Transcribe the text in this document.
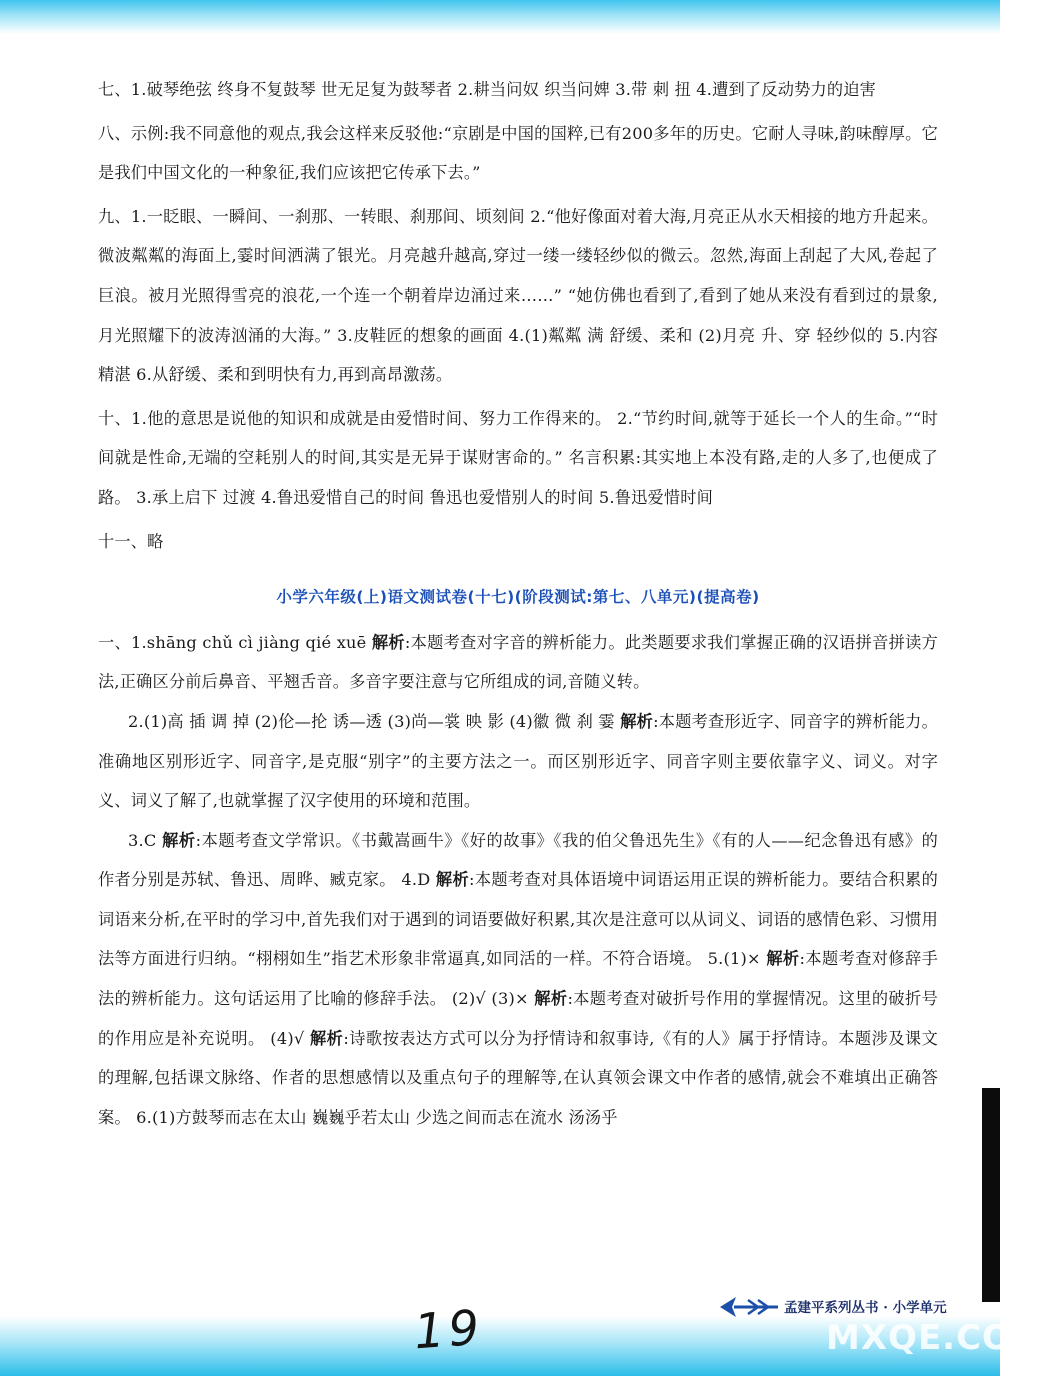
七、1.破琴绝弦 终身不复鼓琴 世无足复为鼓琴者 2.耕当问奴 织当问婢 3.带 刺 扭 4.遭到了反动势力的迫害

八、示例:我不同意他的观点,我会这样来反驳他:“京剧是中国的国粹,已有200多年的历史。它耐人寻味,韵味醇厚。它是我们中国文化的一种象征,我们应该把它传承下去。”

九、1.一眨眼、一瞬间、一刹那、一转眼、刹那间、顷刻间 2.“他好像面对着大海,月亮正从水天相接的地方升起来。微波粼粼的海面上,霎时间洒满了银光。月亮越升越高,穿过一缕一缕轻纱似的微云。忽然,海面上刮起了大风,卷起了巨浪。被月光照得雪亮的浪花,一个连一个朝着岸边涌过来……” “她仿佛也看到了,看到了她从来没有看到过的景象,月光照耀下的波涛汹涌的大海。” 3.皮鞋匠的想象的画面 4.(1)粼粼 满 舒缓、柔和 (2)月亮 升、穿 轻纱似的 5.内容 精湛 6.从舒缓、柔和到明快有力,再到高昂激荡。

十、1.他的意思是说他的知识和成就是由爱惜时间、努力工作得来的。 2.“节约时间,就等于延长一个人的生命。”“时间就是性命,无端的空耗别人的时间,其实是无异于谋财害命的。” 名言积累:其实地上本没有路,走的人多了,也便成了路。 3.承上启下 过渡 4.鲁迅爱惜自己的时间 鲁迅也爱惜别人的时间 5.鲁迅爱惜时间

十一、略

小学六年级(上)语文测试卷(十七)(阶段测试:第七、八单元)(提高卷)

一、1.shāng chǔ cì jiàng qié xuē 解析:本题考查对字音的辨析能力。此类题要求我们掌握正确的汉语拼音拼读方法,正确区分前后鼻音、平翘舌音。多音字要注意与它所组成的词,音随义转。

2.(1)高 插 调 掉 (2)伦—抡 诱—透 (3)尚—裳 映 影 (4)徽 微 刹 霎 解析:本题考查形近字、同音字的辨析能力。准确地区别形近字、同音字,是克服“别字”的主要方法之一。而区别形近字、同音字则主要依靠字义、词义。对字义、词义了解了,也就掌握了汉字使用的环境和范围。

3.C 解析:本题考查文学常识。《书戴嵩画牛》《好的故事》《我的伯父鲁迅先生》《有的人——纪念鲁迅有感》的作者分别是苏轼、鲁迅、周晔、臧克家。 4.D 解析:本题考查对具体语境中词语运用正误的辨析能力。要结合积累的词语来分析,在平时的学习中,首先我们对于遇到的词语要做好积累,其次是注意可以从词义、词语的感情色彩、习惯用法等方面进行归纳。“栩栩如生”指艺术形象非常逼真,如同活的一样。不符合语境。 5.(1)× 解析:本题考查对修辞手法的辨析能力。这句话运用了比喻的修辞手法。 (2)√ (3)× 解析:本题考查对破折号作用的掌握情况。这里的破折号的作用应是补充说明。 (4)√ 解析:诗歌按表达方式可以分为抒情诗和叙事诗,《有的人》属于抒情诗。本题涉及课文的理解,包括课文脉络、作者的思想感情以及重点句子的理解等,在认真领会课文中作者的感情,就会不难填出正确答案。 6.(1)方鼓琴而志在太山 巍巍乎若太山 少选之间而志在流水 汤汤乎

孟建平系列丛书 · 小学单元
19	MXQE.COM
